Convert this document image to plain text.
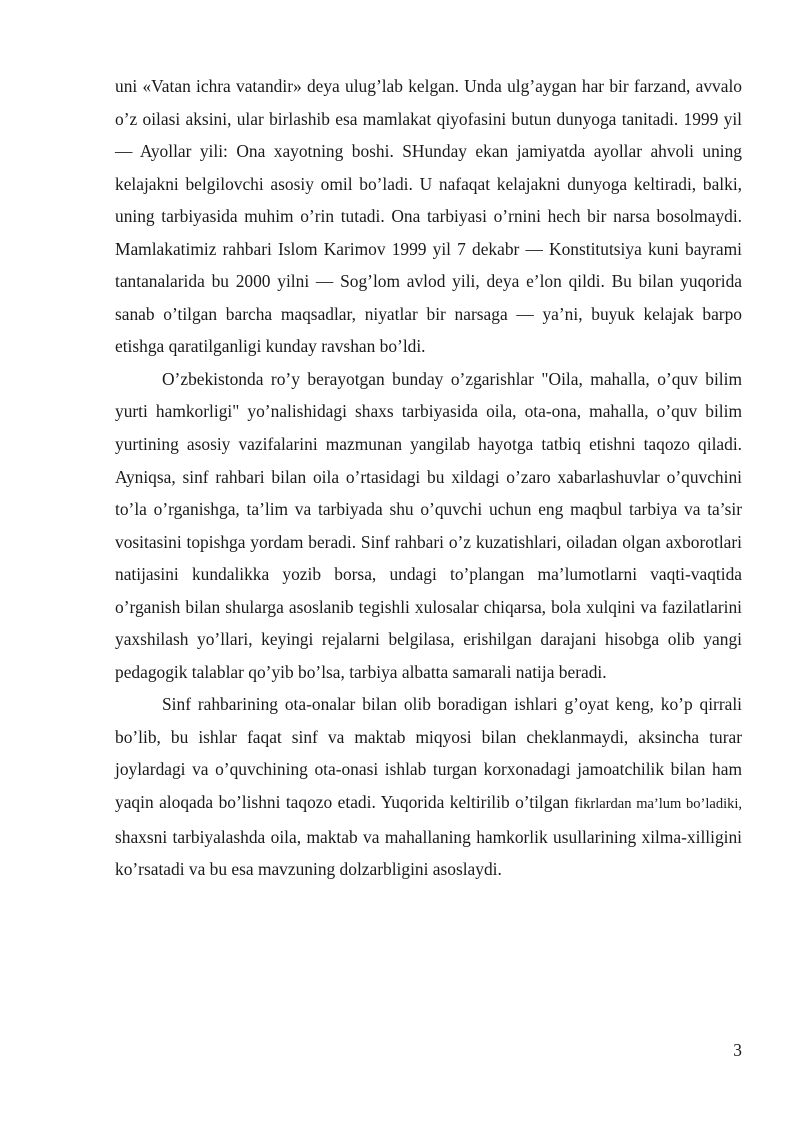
uni «Vatan ichra vatandir» deya ulug’lab kelgan. Unda ulg’aygan har bir farzand, avvalo o’z oilasi aksini, ular birlashib esa mamlakat qiyofasini butun dunyoga tanitadi. 1999 yil — Ayollar yili: Ona xayotning boshi. SHunday ekan jamiyatda ayollar ahvoli uning kelajakni belgilovchi asosiy omil bo’ladi. U nafaqat kelajakni dunyoga keltiradi, balki, uning tarbiyasida muhim o’rin tutadi. Ona tarbiyasi o’rnini hech bir narsa bosolmaydi. Mamlakatimiz rahbari Islom Karimov 1999 yil 7 dekabr — Konstitutsiya kuni bayrami tantanalarida bu 2000 yilni — Sog’lom avlod yili, deya e’lon qildi. Bu bilan yuqorida sanab o’tilgan barcha maqsadlar, niyatlar bir narsaga — ya’ni, buyuk kelajak barpo etishga qaratilganligi kunday ravshan bo’ldi.

O’zbekistonda ro’y berayotgan bunday o’zgarishlar "Oila, mahalla, o’quv bilim yurti hamkorligi" yo’nalishidagi shaxs tarbiyasida oila, ota-ona, mahalla, o’quv bilim yurtining asosiy vazifalarini mazmunan yangilab hayotga tatbiq etishni taqozo qiladi. Ayniqsa, sinf rahbari bilan oila o’rtasidagi bu xildagi o’zaro xabarlashuvlar o’quvchini to’la o’rganishga, ta’lim va tarbiyada shu o’quvchi uchun eng maqbul tarbiya va ta’sir vositasini topishga yordam beradi. Sinf rahbari o’z kuzatishlari, oiladan olgan axborotlari natijasini kundalikka yozib borsa, undagi to’plangan ma’lumotlarni vaqti-vaqtida o’rganish bilan shularga asoslanib tegishli xulosalar chiqarsa, bola xulqini va fazilatlarini yaxshilash yo’llari, keyingi rejalarni belgilasa, erishilgan darajani hisobga olib yangi pedagogik talablar qo’yib bo’lsa, tarbiya albatta samarali natija beradi.

Sinf rahbarining ota-onalar bilan olib boradigan ishlari g’oyat keng, ko’p qirrali bo’lib, bu ishlar faqat sinf va maktab miqyosi bilan cheklanmaydi, aksincha turar joylardagi va o’quvchining ota-onasi ishlab turgan korxonadagi jamoatchilik bilan ham yaqin aloqada bo’lishni taqozo etadi. Yuqorida keltirilib o’tilgan fikrlardan ma’lum bo’ladiki, shaxsni tarbiyalashda oila, maktab va mahallaning hamkorlik usullarining xilma-xilligini ko’rsatadi va bu esa mavzuning dolzarbligini asoslaydi.

3
